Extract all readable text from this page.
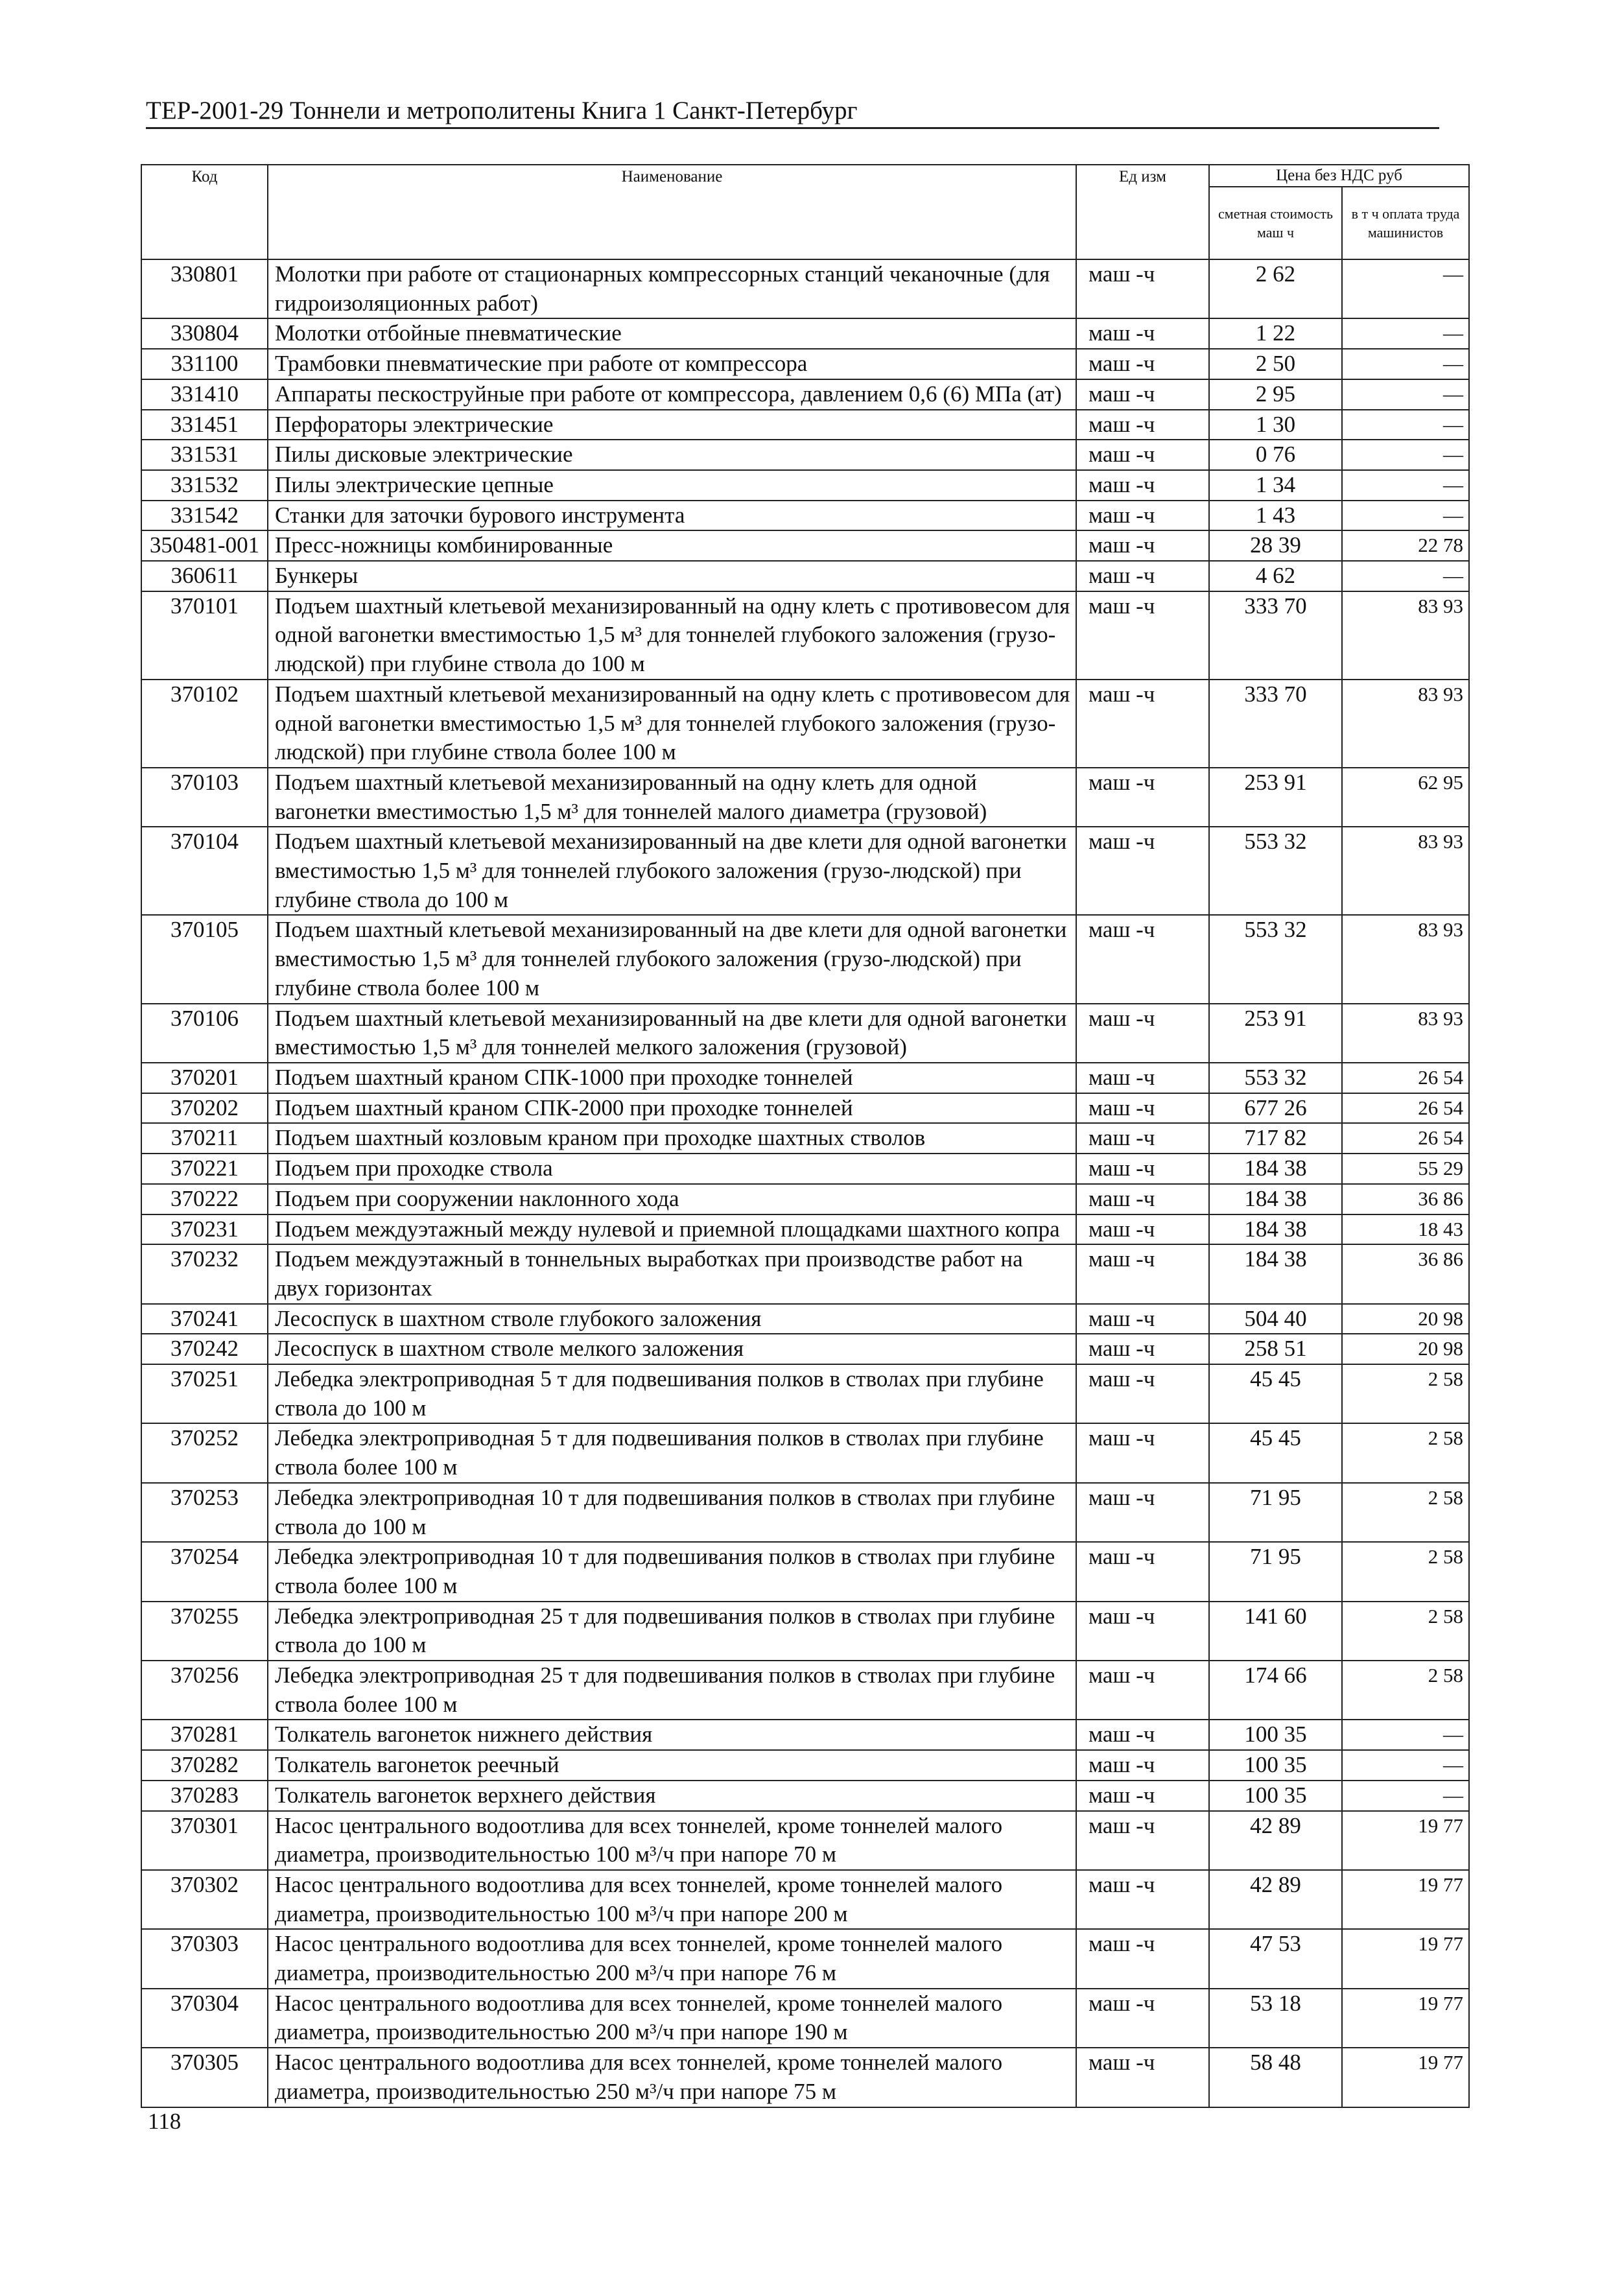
ТЕР-2001-29 Тоннели и метрополитены Книга 1 Санкт-Петербург
Код	Наименование	Ед изм	Цена без НДС руб	
			сметная стоимость маш ч	в т ч оплата труда машинистов
330801	Молотки при работе от стационарных компрессорных станций чеканочные (для гидроизоляционных работ)	маш -ч	2 62	—
330804	Молотки отбойные пневматические	маш -ч	1 22	—
331100	Трамбовки пневматические при работе от компрессора	маш -ч	2 50	—
331410	Аппараты пескоструйные при работе от компрессора, давлением 0,6 (6) МПа (ат)	маш -ч	2 95	—
331451	Перфораторы электрические	маш -ч	1 30	—
331531	Пилы дисковые электрические	маш -ч	0 76	—
331532	Пилы электрические цепные	маш -ч	1 34	—
331542	Станки для заточки бурового инструмента	маш -ч	1 43	—
350481-001	Пресс-ножницы комбинированные	маш -ч	28 39	22 78
360611	Бункеры	маш -ч	4 62	—
370101	Подъем шахтный клетьевой механизированный на одну клеть с противовесом для одной вагонетки вместимостью 1,5 м³ для тоннелей глубокого заложения (грузо-людской) при глубине ствола до 100 м	маш -ч	333 70	83 93
370102	Подъем шахтный клетьевой механизированный на одну клеть с противовесом для одной вагонетки вместимостью 1,5 м³ для тоннелей глубокого заложения (грузо-людской) при глубине ствола более 100 м	маш -ч	333 70	83 93
370103	Подъем шахтный клетьевой механизированный на одну клеть для одной вагонетки вместимостью 1,5 м³ для тоннелей малого диаметра (грузовой)	маш -ч	253 91	62 95
370104	Подъем шахтный клетьевой механизированный на две клети для одной вагонетки вместимостью 1,5 м³ для тоннелей глубокого заложения (грузо-людской) при глубине ствола до 100 м	маш -ч	553 32	83 93
370105	Подъем шахтный клетьевой механизированный на две клети для одной вагонетки вместимостью 1,5 м³ для тоннелей глубокого заложения (грузо-людской) при глубине ствола более 100 м	маш -ч	553 32	83 93
370106	Подъем шахтный клетьевой механизированный на две клети для одной вагонетки вместимостью 1,5 м³ для тоннелей мелкого заложения (грузовой)	маш -ч	253 91	83 93
370201	Подъем шахтный краном СПК-1000 при проходке тоннелей	маш -ч	553 32	26 54
370202	Подъем шахтный краном СПК-2000 при проходке тоннелей	маш -ч	677 26	26 54
370211	Подъем шахтный козловым краном при проходке шахтных стволов	маш -ч	717 82	26 54
370221	Подъем при проходке ствола	маш -ч	184 38	55 29
370222	Подъем при сооружении наклонного хода	маш -ч	184 38	36 86
370231	Подъем междуэтажный между нулевой и приемной площадками шахтного копра	маш -ч	184 38	18 43
370232	Подъем междуэтажный в тоннельных выработках при производстве работ на двух горизонтах	маш -ч	184 38	36 86
370241	Лесоспуск в шахтном стволе глубокого заложения	маш -ч	504 40	20 98
370242	Лесоспуск в шахтном стволе мелкого заложения	маш -ч	258 51	20 98
370251	Лебедка электроприводная 5 т для подвешивания полков в стволах при глубине ствола до 100 м	маш -ч	45 45	2 58
370252	Лебедка электроприводная 5 т для подвешивания полков в стволах при глубине ствола более 100 м	маш -ч	45 45	2 58
370253	Лебедка электроприводная 10 т для подвешивания полков в стволах при глубине ствола до 100 м	маш -ч	71 95	2 58
370254	Лебедка электроприводная 10 т для подвешивания полков в стволах при глубине ствола более 100 м	маш -ч	71 95	2 58
370255	Лебедка электроприводная 25 т для подвешивания полков в стволах при глубине ствола до 100 м	маш -ч	141 60	2 58
370256	Лебедка электроприводная 25 т для подвешивания полков в стволах при глубине ствола более 100 м	маш -ч	174 66	2 58
370281	Толкатель вагонеток нижнего действия	маш -ч	100 35	—
370282	Толкатель вагонеток реечный	маш -ч	100 35	—
370283	Толкатель вагонеток верхнего действия	маш -ч	100 35	—
370301	Насос центрального водоотлива для всех тоннелей, кроме тоннелей малого диаметра, производительностью 100 м³/ч при напоре 70 м	маш -ч	42 89	19 77
370302	Насос центрального водоотлива для всех тоннелей, кроме тоннелей малого диаметра, производительностью 100 м³/ч при напоре 200 м	маш -ч	42 89	19 77
370303	Насос центрального водоотлива для всех тоннелей, кроме тоннелей малого диаметра, производительностью 200 м³/ч при напоре 76 м	маш -ч	47 53	19 77
370304	Насос центрального водоотлива для всех тоннелей, кроме тоннелей малого диаметра, производительностью 200 м³/ч при напоре 190 м	маш -ч	53 18	19 77
370305	Насос центрального водоотлива для всех тоннелей, кроме тоннелей малого диаметра, производительностью 250 м³/ч при напоре 75 м	маш -ч	58 48	19 77
118
